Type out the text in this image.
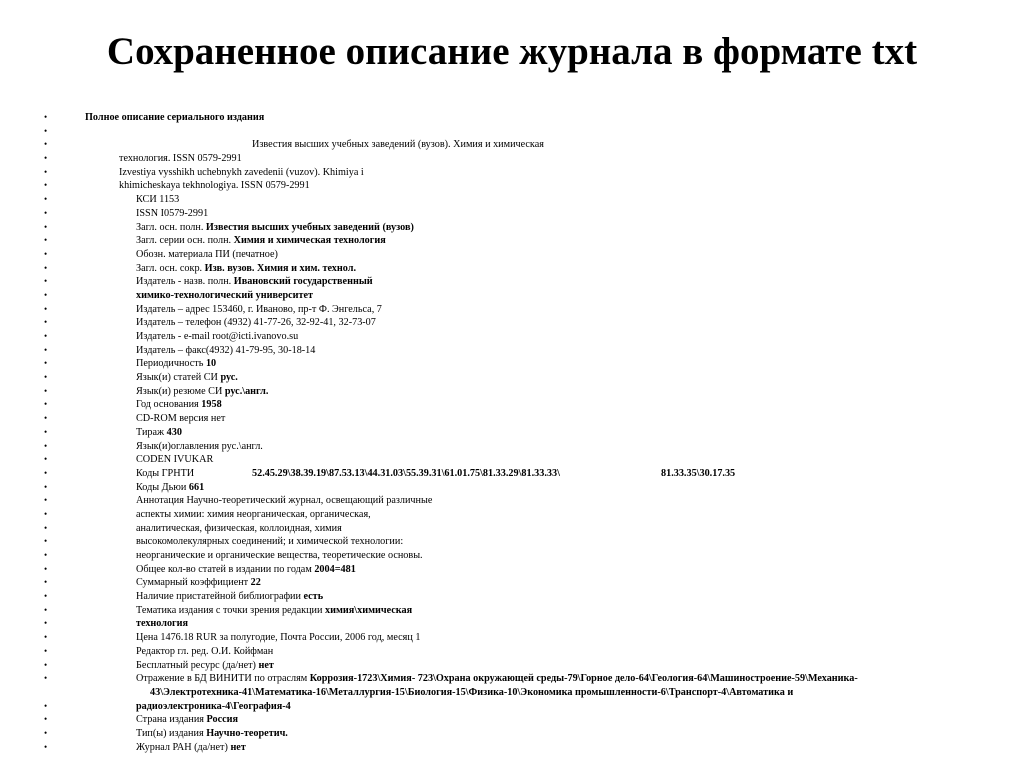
Сохраненное описание журнала в формате txt
•	Полное описание сериального издания
•
•	Известия высших учебных заведений (вузов). Химия и химическая
•	технология. ISSN 0579-2991
•	Izvestiya vysshikh uchebnykh zavedenii (vuzov). Khimiya i
•	khimicheskaya tekhnologiya. ISSN 0579-2991
•	КСИ 1153
•	ISSN I0579-2991
•	Загл. осн. полн. Известия высших учебных заведений (вузов)
•	Загл. серии осн. полн. Химия и химическая технология
•	Обозн. материала ПИ (печатное)
•	Загл. осн. сокр. Изв. вузов. Химия и хим. технол.
•	Издатель - назв. полн. Ивановский государственный
•	химико-технологический университет
•	Издатель – адрес 153460, г. Иваново, пр-т Ф. Энгельса, 7
•	Издатель – телефон (4932) 41-77-26, 32-92-41, 32-73-07
•	Издатель - e-mail root@icti.ivanovo.su
•	Издатель – факс(4932) 41-79-95, 30-18-14
•	Периодичность 10
•	Язык(и) статей СИ рус.
•	Язык(и) резюме СИ рус.\англ.
•	Год основания 1958
•	CD-ROM версия нет
•	Тираж 430
•	Язык(и)оглавления рус.\англ.
•	CODEN IVUKAR
•	Коды ГРНТИ	52.45.29\38.39.19\87.53.13\44.31.03\55.39.31\61.01.75\81.33.29\81.33.33\	81.33.35\30.17.35
•	Коды Дьюи 661
•	Аннотация Научно-теоретический журнал, освещающий различные
•	аспекты химии: химия неорганическая, органическая,
•	аналитическая, физическая, коллоидная, химия
•	высокомолекулярных соединений; и химической технологии:
•	неорганические и органические вещества, теоретические основы.
•	Общее кол-во статей в издании по годам 2004=481
•	Суммарный коэффициент 22
•	Наличие пристатейной библиографии есть
•	Тематика издания с точки зрения редакции химия\химическая
•	технология
•	Цена 1476.18 RUR за полугодие, Почта России, 2006 год, месяц 1
•	Редактор гл. ред. О.И. Койфман
•	Бесплатный ресурс (да/нет) нет
•	Отражение в БД ВИНИТИ по отраслям Коррозия-1723\Химия- 723\Охрана окружающей среды-79\Горное дело-64\Геология-64\Машиностроение-59\Механика-
43\Электротехника-41\Математика-16\Металлургия-15\Биология-15\Физика-10\Экономика промышленности-6\Транспорт-4\Автоматика и
•	радиоэлектроника-4\География-4
•	Страна издания Россия
•	Тип(ы) издания Научно-теоретич.
•	Журнал РАН (да/нет) нет
